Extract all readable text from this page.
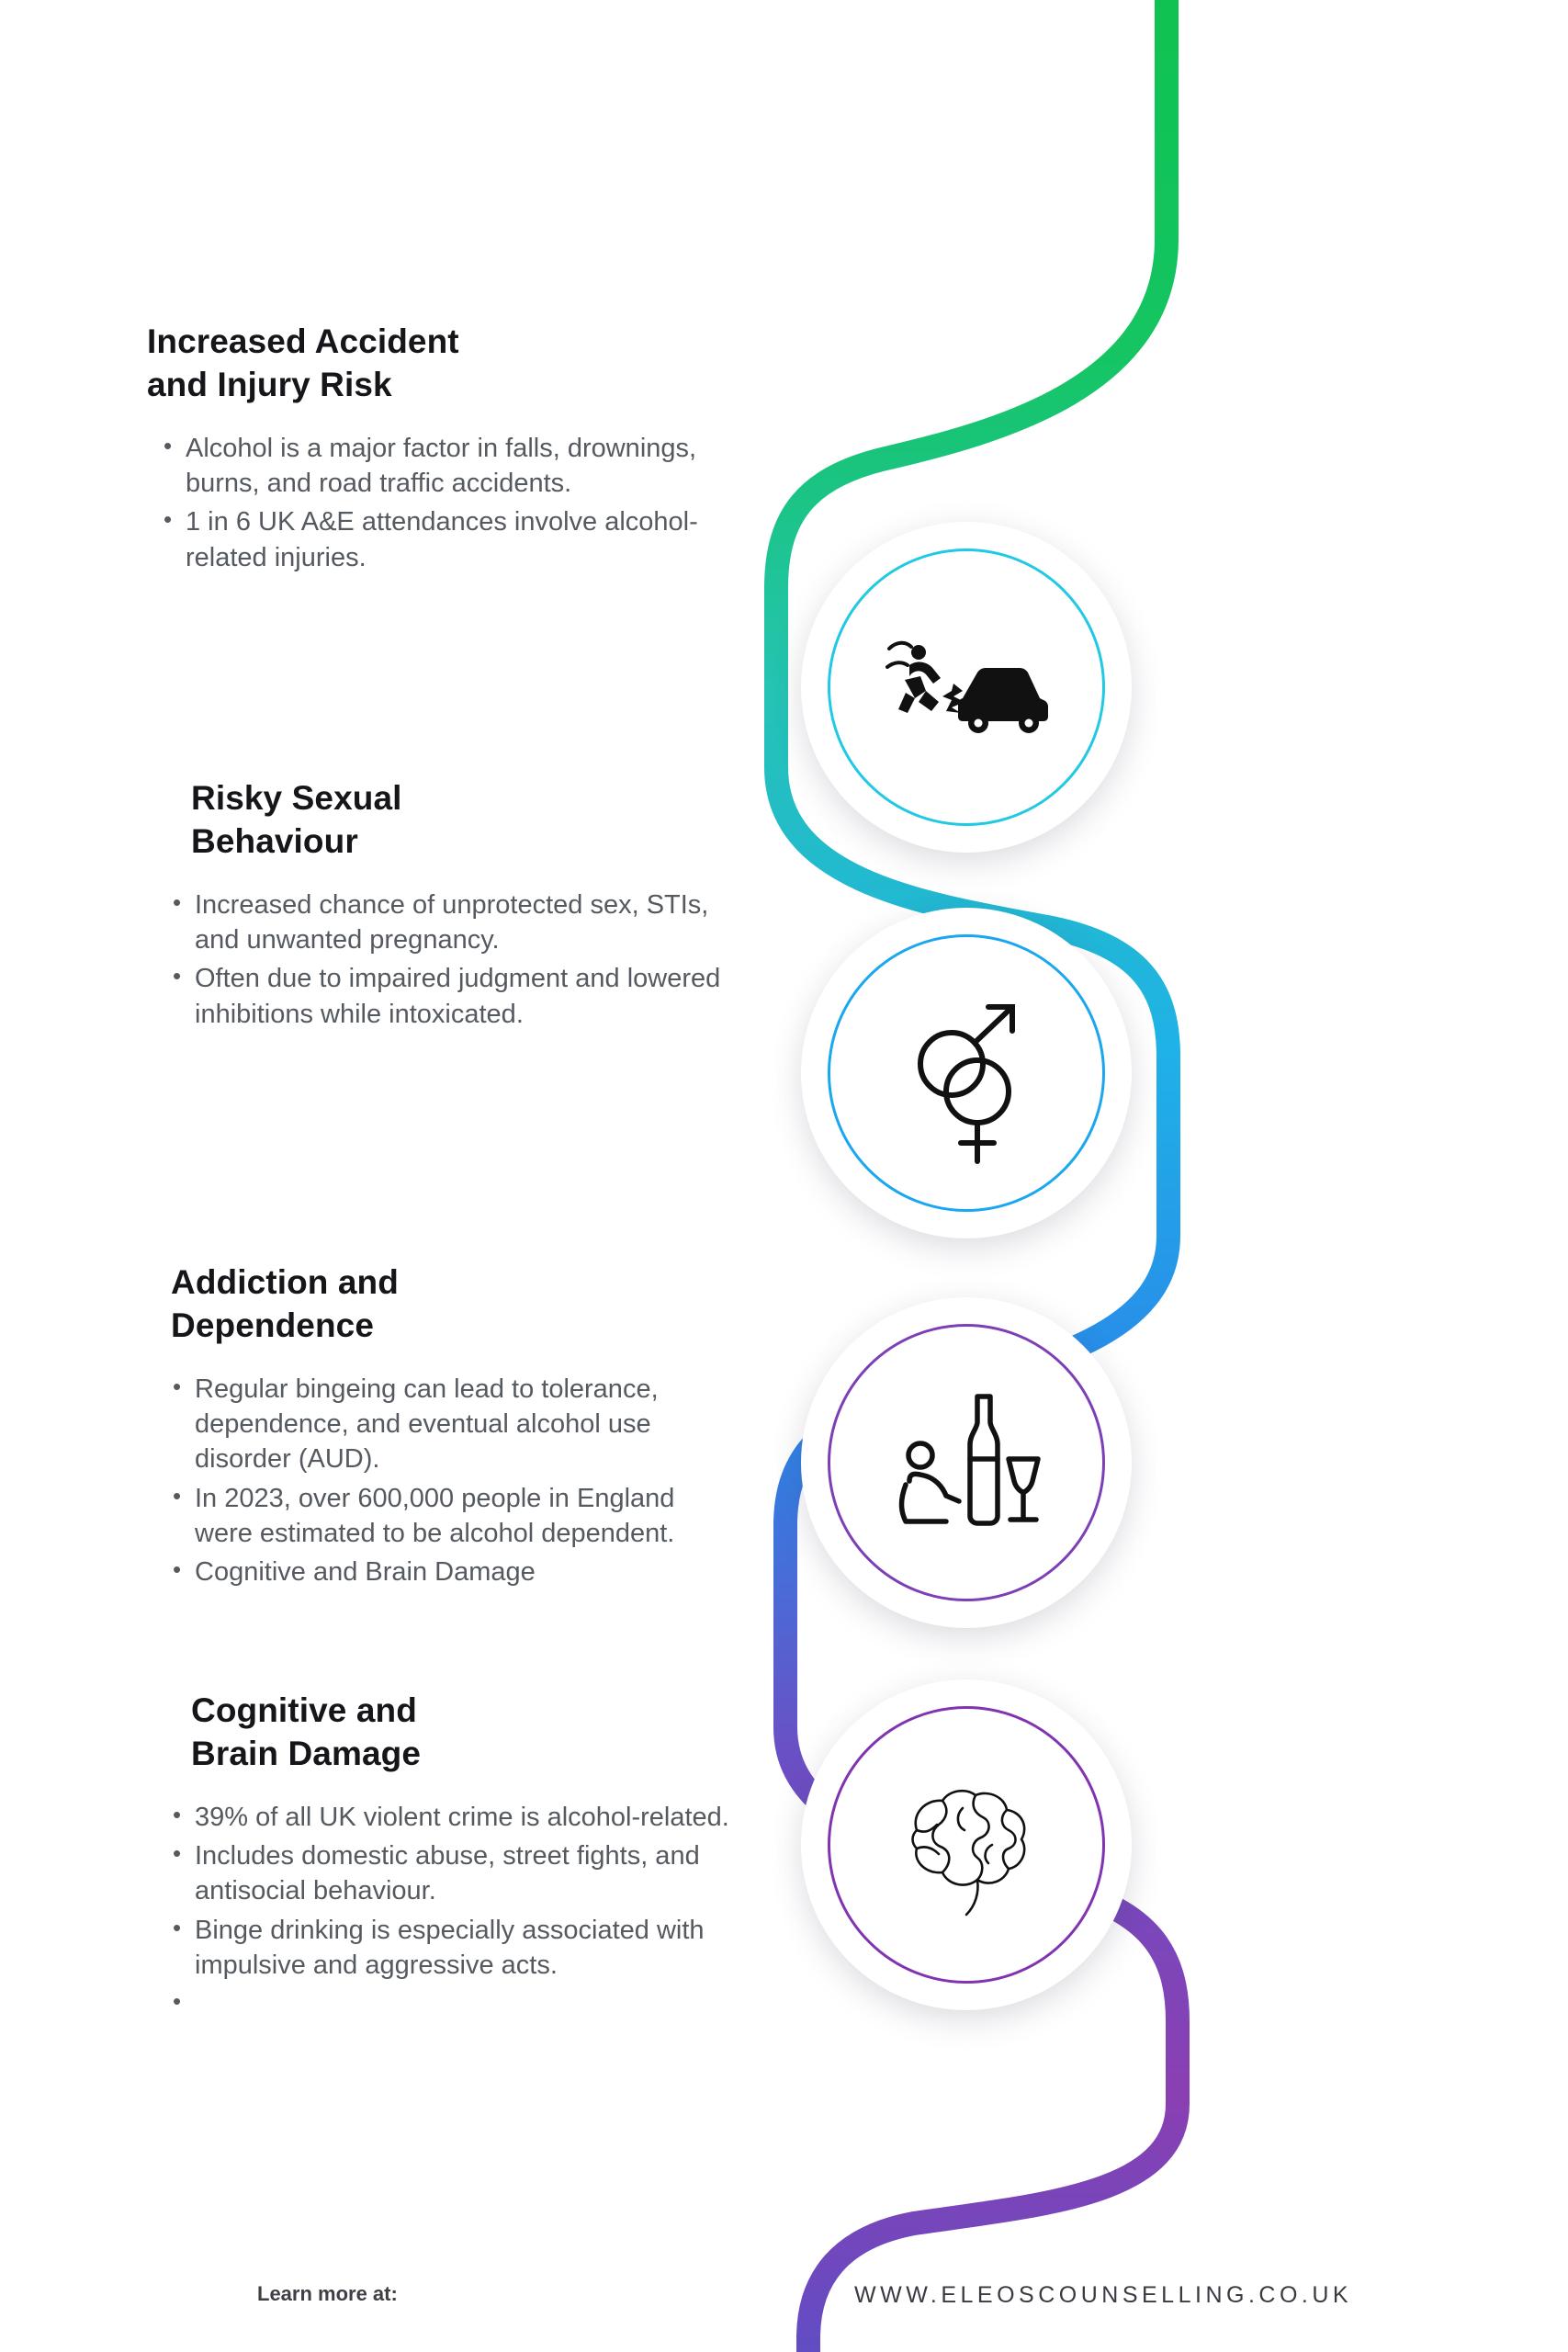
Increased Accident
and Injury Risk
• Alcohol is a major factor in falls, drownings, burns, and road traffic accidents.
• 1 in 6 UK A&E attendances involve alcohol-related injuries.
Risky Sexual
Behaviour
• Increased chance of unprotected sex, STIs, and unwanted pregnancy.
• Often due to impaired judgment and lowered inhibitions while intoxicated.
Addiction and
Dependence
• Regular bingeing can lead to tolerance, dependence, and eventual alcohol use disorder (AUD).
• In 2023, over 600,000 people in England were estimated to be alcohol dependent.
• Cognitive and Brain Damage
Cognitive and
Brain Damage
• 39% of all UK violent crime is alcohol-related.
• Includes domestic abuse, street fights, and antisocial behaviour.
• Binge drinking is especially associated with impulsive and aggressive acts.
•
Learn more at:	WWW.ELEOSCOUNSELLING.CO.UK
